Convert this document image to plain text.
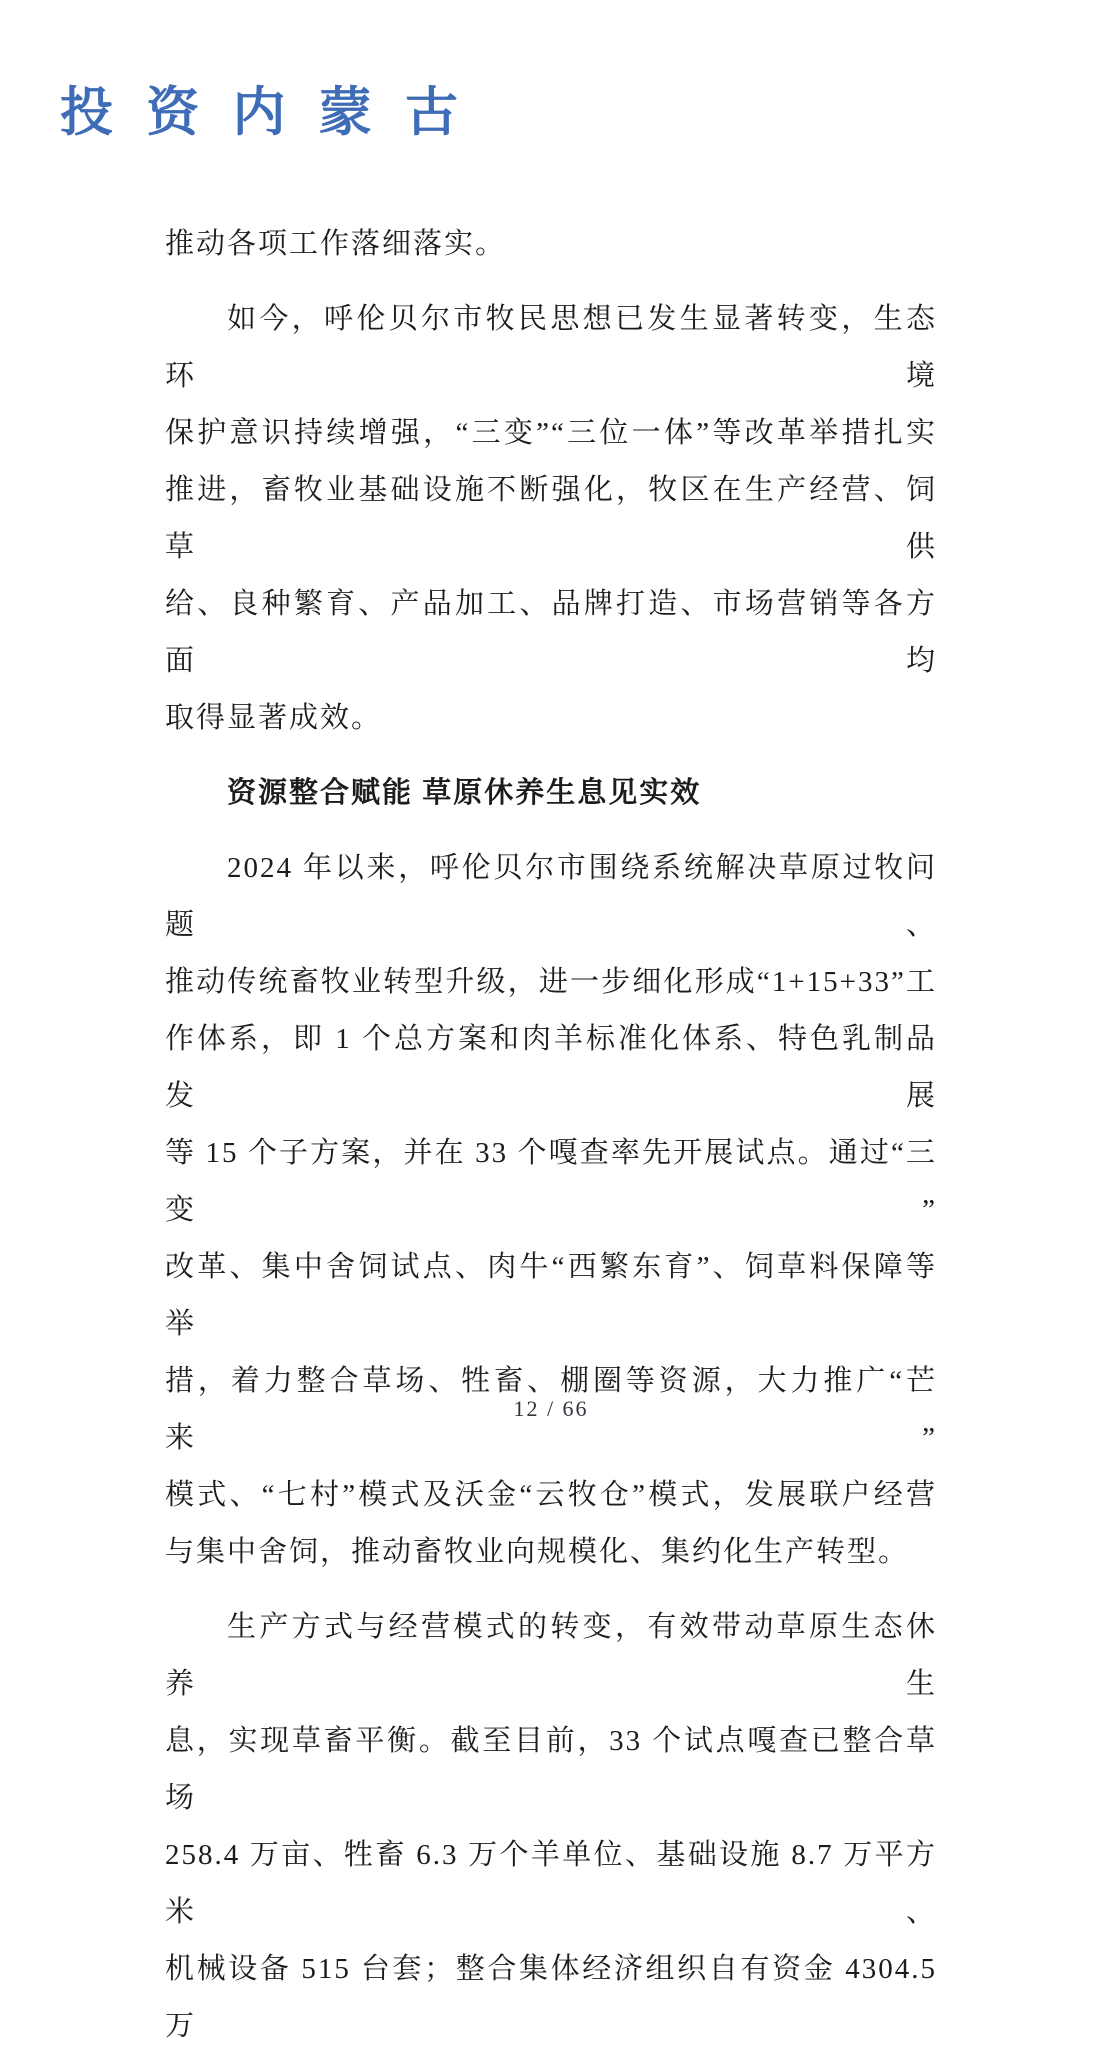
投 资 内 蒙 古
推动各项工作落细落实。
如今，呼伦贝尔市牧民思想已发生显著转变，生态环境
保护意识持续增强，“三变”“三位一体”等改革举措扎实
推进，畜牧业基础设施不断强化，牧区在生产经营、饲草供
给、良种繁育、产品加工、品牌打造、市场营销等各方面均
取得显著成效。
资源整合赋能 草原休养生息见实效
2024 年以来，呼伦贝尔市围绕系统解决草原过牧问题、
推动传统畜牧业转型升级，进一步细化形成“1+15+33”工
作体系，即 1 个总方案和肉羊标准化体系、特色乳制品发展
等 15 个子方案，并在 33 个嘎查率先开展试点。通过“三变”
改革、集中舍饲试点、肉牛“西繁东育”、饲草料保障等举
措，着力整合草场、牲畜、棚圈等资源，大力推广“芒来”
模式、“七村”模式及沃金“云牧仓”模式，发展联户经营
与集中舍饲，推动畜牧业向规模化、集约化生产转型。
生产方式与经营模式的转变，有效带动草原生态休养生
息，实现草畜平衡。截至目前，33 个试点嘎查已整合草场
258.4 万亩、牲畜 6.3 万个羊单位、基础设施 8.7 万平方米、
机械设备 515 台套；整合集体经济组织自有资金 4304.5 万
12 / 66
